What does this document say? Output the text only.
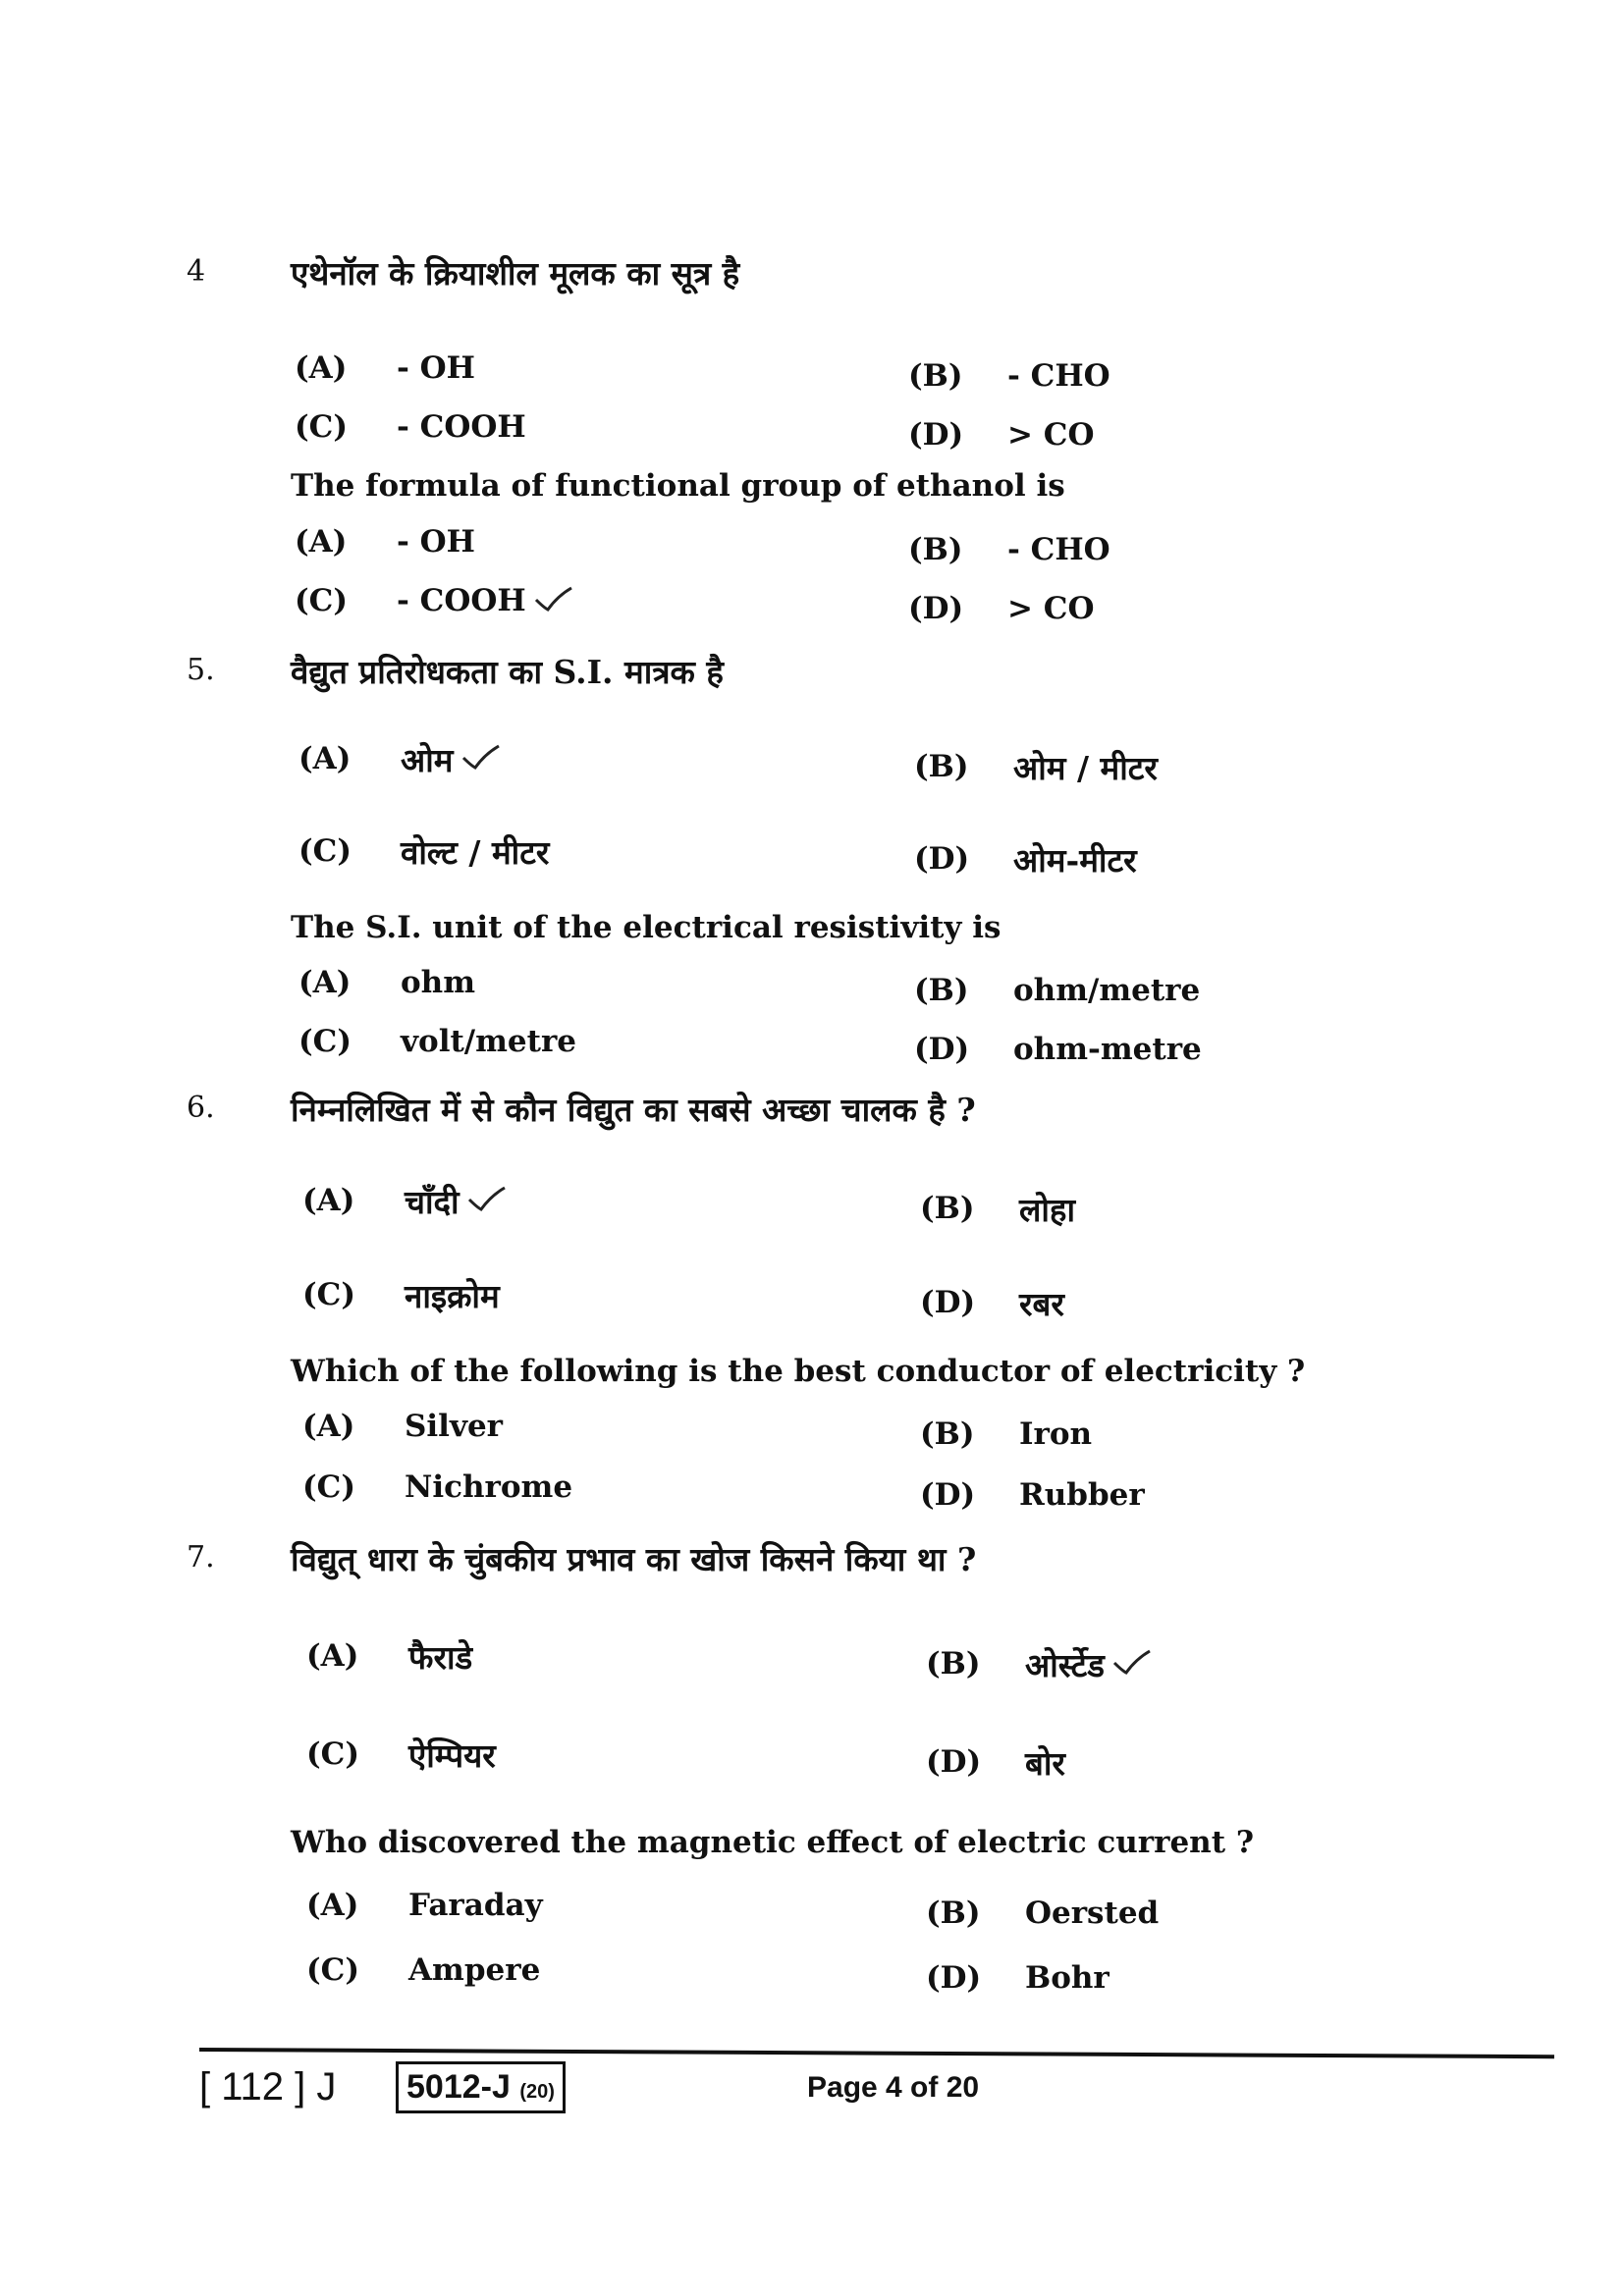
4	एथेनॉल के क्रियाशील मूलक का सूत्र है
The formula of functional group of ethanol is
(A) - OH	(B) - CHO
(C) - COOH	(D) > CO
(A) - OH	(B) - CHO
(C) - COOH	(D) > CO
5. वैद्युत प्रतिरोधकता का S.I. मात्रक है
The S.I. unit of the electrical resistivity is
(A) ओम	(B) ओम / मीटर
(C) वोल्ट / मीटर	(D) ओम-मीटर
(A) ohm	(B) ohm/metre
(C) volt/metre	(D) ohm-metre
6. निम्नलिखित में से कौन विद्युत का सबसे अच्छा चालक है ?
Which of the following is the best conductor of electricity ?
(A) चाँदी	(B) लोहा
(C) नाइक्रोम	(D) रबर
(A) Silver	(B) Iron
(C) Nichrome	(D) Rubber
7. विद्युत् धारा के चुंबकीय प्रभाव का खोज किसने किया था ?
Who discovered the magnetic effect of electric current ?
(A) फैराडे	(B) ओर्स्टेड
(C) ऐम्पियर	(D) बोर
(A) Faraday	(B) Oersted
(C) Ampere	(D) Bohr
[ 112 ] J	5012-J (20)	Page 4 of 20
